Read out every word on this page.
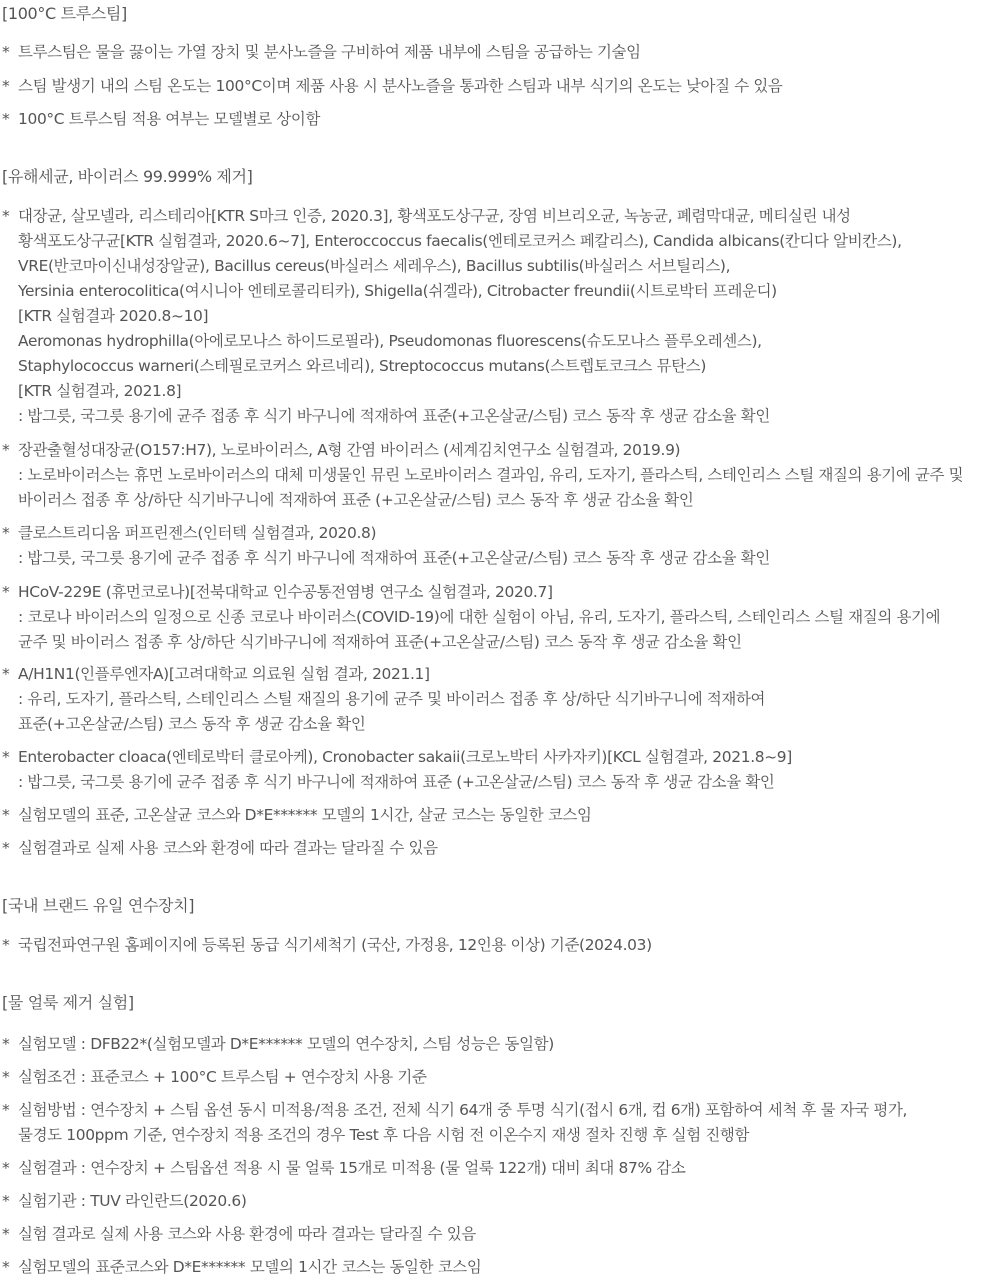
[100°C 트루스팀]
* 트루스팀은 물을 끓이는 가열 장치 및 분사노즐을 구비하여 제품 내부에 스팀을 공급하는 기술임
* 스팀 발생기 내의 스팀 온도는 100°C이며 제품 사용 시 분사노즐을 통과한 스팀과 내부 식기의 온도는 낮아질 수 있음
* 100°C 트루스팀 적용 여부는 모델별로 상이함
[유해세균, 바이러스 99.999% 제거]
* 대장균, 살모넬라, 리스테리아[KTR S마크 인증, 2020.3], 황색포도상구균, 장염 비브리오균, 녹농균, 폐렴막대균, 메티실린 내성
황색포도상구균[KTR 실험결과, 2020.6~7], Enteroccoccus faecalis(엔테로코커스 페칼리스), Candida albicans(칸디다 알비칸스),
VRE(반코마이신내성장알균), Bacillus cereus(바실러스 세레우스), Bacillus subtilis(바실러스 서브틸리스),
Yersinia enterocolitica(여시니아 엔테로콜리티카), Shigella(쉬겔라), Citrobacter freundii(시트로박터 프레운디)
[KTR 실험결과 2020.8~10]
Aeromonas hydrophilla(아에로모나스 하이드로필라), Pseudomonas fluorescens(슈도모나스 플루오레센스),
Staphylococcus warneri(스테필로코커스 와르네리), Streptococcus mutans(스트렙토코크스 뮤탄스)
[KTR 실험결과, 2021.8]
: 밥그릇, 국그릇 용기에 균주 접종 후 식기 바구니에 적재하여 표준(+고온살균/스팀) 코스 동작 후 생균 감소율 확인
* 장관출혈성대장균(O157:H7), 노로바이러스, A형 간염 바이러스 (세계김치연구소 실험결과, 2019.9)
: 노로바이러스는 휴먼 노로바이러스의 대체 미생물인 뮤린 노로바이러스 결과임, 유리, 도자기, 플라스틱, 스테인리스 스틸 재질의 용기에 균주 및
바이러스 접종 후 상/하단 식기바구니에 적재하여 표준 (+고온살균/스팀) 코스 동작 후 생균 감소율 확인
* 클로스트리디움 퍼프린젠스(인터텍 실험결과, 2020.8)
: 밥그릇, 국그릇 용기에 균주 접종 후 식기 바구니에 적재하여 표준(+고온살균/스팀) 코스 동작 후 생균 감소율 확인
* HCoV-229E (휴먼코로나)[전북대학교 인수공통전염병 연구소 실험결과, 2020.7]
: 코로나 바이러스의 일정으로 신종 코로나 바이러스(COVID-19)에 대한 실험이 아님, 유리, 도자기, 플라스틱, 스테인리스 스틸 재질의 용기에
균주 및 바이러스 접종 후 상/하단 식기바구니에 적재하여 표준(+고온살균/스팀) 코스 동작 후 생균 감소율 확인
* A/H1N1(인플루엔자A)[고려대학교 의료원 실험 결과, 2021.1]
: 유리, 도자기, 플라스틱, 스테인리스 스틸 재질의 용기에 균주 및 바이러스 접종 후 상/하단 식기바구니에 적재하여
표준(+고온살균/스팀) 코스 동작 후 생균 감소율 확인
* Enterobacter cloaca(엔테로박터 클로아케), Cronobacter sakaii(크로노박터 사카자키)[KCL 실험결과, 2021.8~9]
: 밥그릇, 국그릇 용기에 균주 접종 후 식기 바구니에 적재하여 표준 (+고온살균/스팀) 코스 동작 후 생균 감소율 확인
* 실험모델의 표준, 고온살균 코스와 D*E****** 모델의 1시간, 살균 코스는 동일한 코스임
* 실험결과로 실제 사용 코스와 환경에 따라 결과는 달라질 수 있음
[국내 브랜드 유일 연수장치]
* 국립전파연구원 홈페이지에 등록된 동급 식기세척기 (국산, 가정용, 12인용 이상) 기준(2024.03)
[물 얼룩 제거 실험]
* 실험모델 : DFB22*(실험모델과 D*E****** 모델의 연수장치, 스팀 성능은 동일함)
* 실험조건 : 표준코스 + 100°C 트루스팀 + 연수장치 사용 기준
* 실험방법 : 연수장치 + 스팀 옵션 동시 미적용/적용 조건, 전체 식기 64개 중 투명 식기(접시 6개, 컵 6개) 포함하여 세척 후 물 자국 평가,
물경도 100ppm 기준, 연수장치 적용 조건의 경우 Test 후 다음 시험 전 이온수지 재생 절차 진행 후 실험 진행함
* 실험결과 : 연수장치 + 스팀옵션 적용 시 물 얼룩 15개로 미적용 (물 얼룩 122개) 대비 최대 87% 감소
* 실험기관 : TUV 라인란드(2020.6)
* 실험 결과로 실제 사용 코스와 사용 환경에 따라 결과는 달라질 수 있음
* 실험모델의 표준코스와 D*E****** 모델의 1시간 코스는 동일한 코스임
